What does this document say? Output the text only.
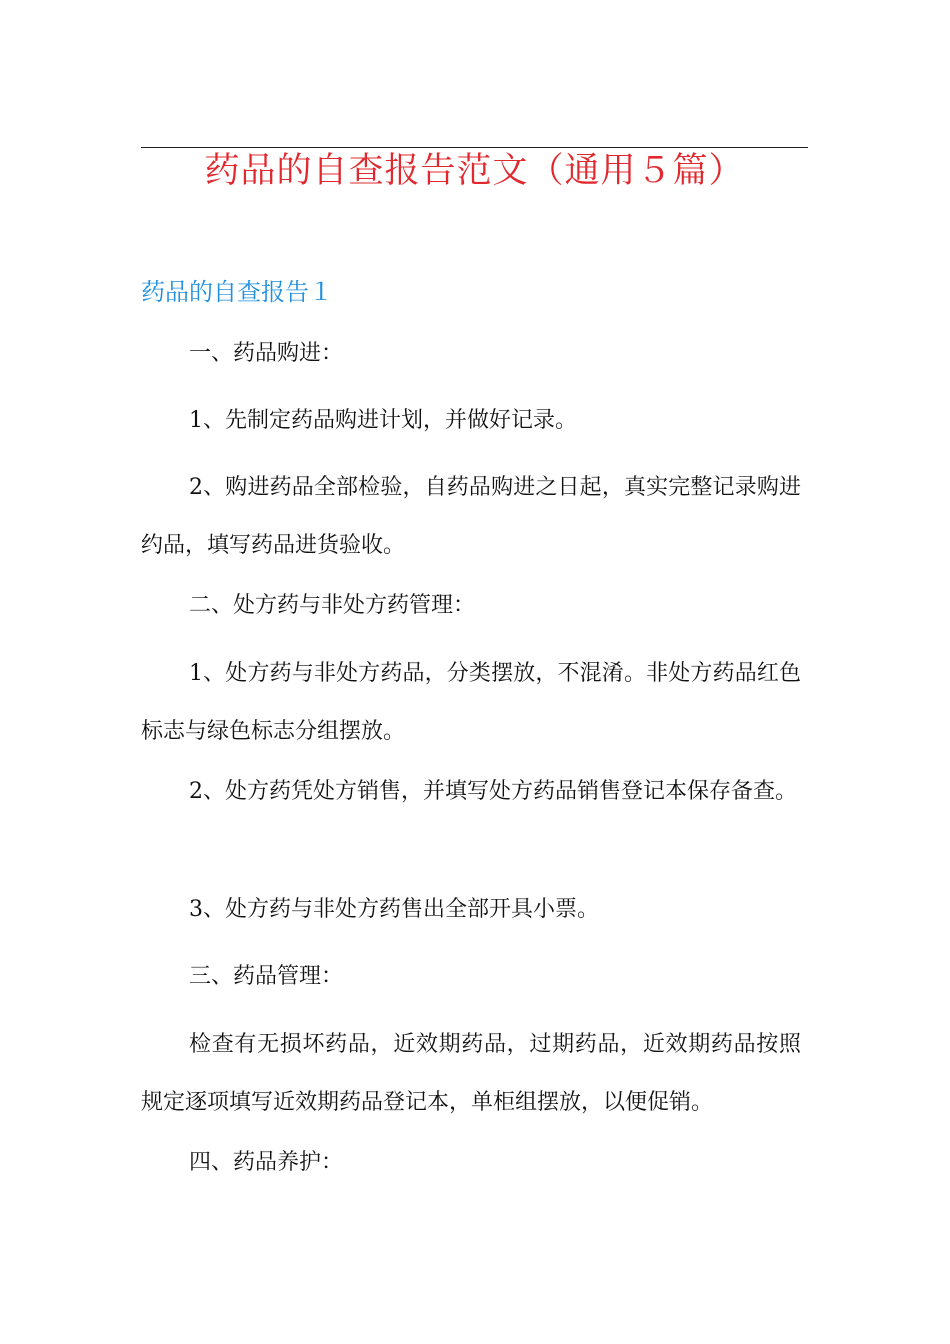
药品的自查报告范文（通用５篇）
药品的自查报告１

一、药品购进：

1、先制定药品购进计划，并做好记录。

2、购进药品全部检验，自药品购进之日起，真实完整记录购进约品，填写药品进货验收。

二、处方药与非处方药管理：

1、处方药与非处方药品，分类摆放，不混淆。非处方药品红色标志与绿色标志分组摆放。

2、处方药凭处方销售，并填写处方药品销售登记本保存备查。

3、处方药与非处方药售出全部开具小票。

三、药品管理：

检查有无损坏药品，近效期药品，过期药品，近效期药品按照规定逐项填写近效期药品登记本，单柜组摆放，以便促销。

四、药品养护：
